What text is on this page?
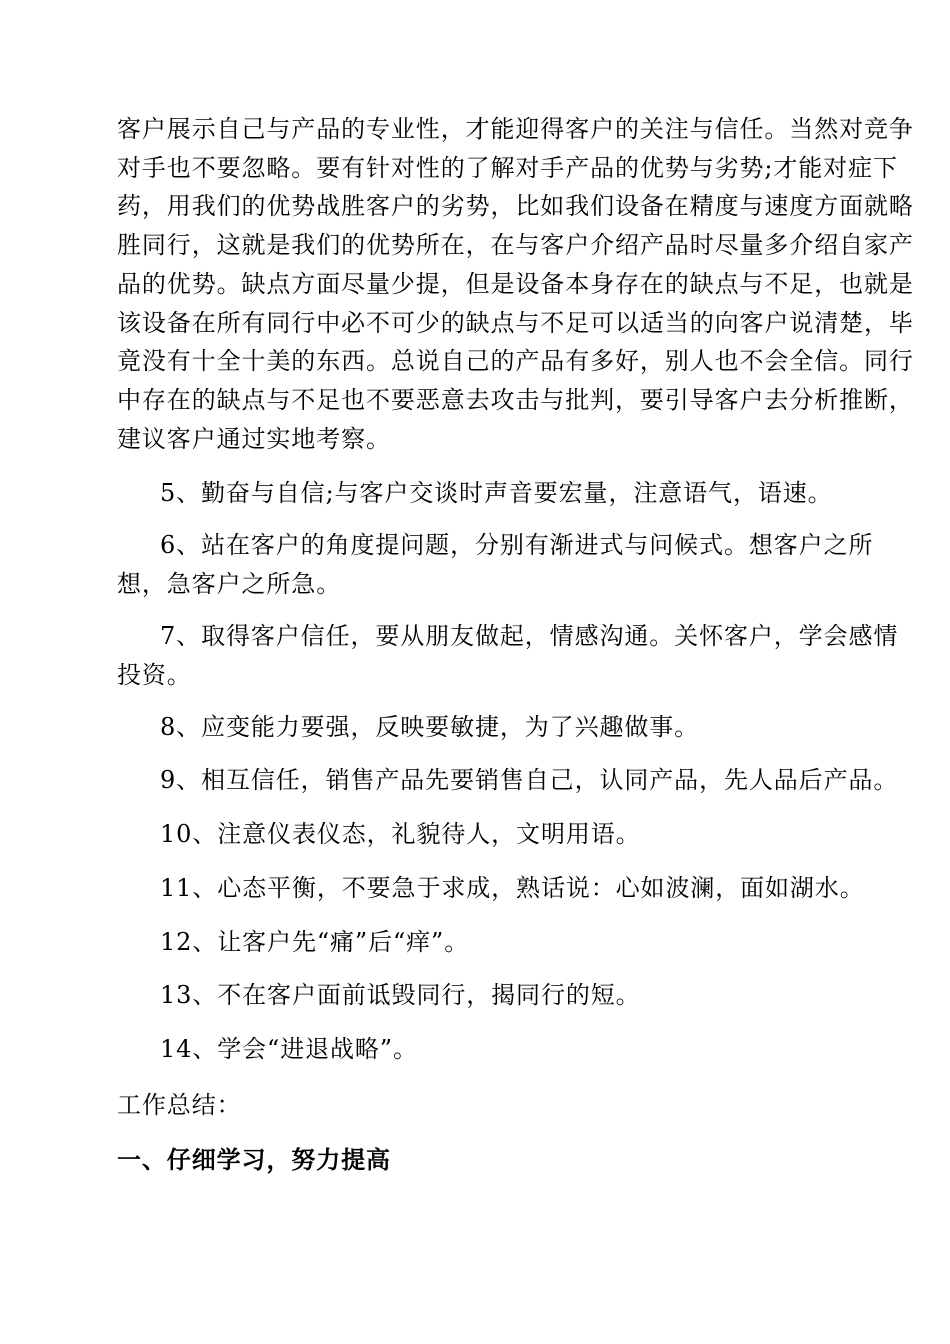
客户展示自己与产品的专业性，才能迎得客户的关注与信任。当然对竞争
对手也不要忽略。要有针对性的了解对手产品的优势与劣势;才能对症下
药，用我们的优势战胜客户的劣势，比如我们设备在精度与速度方面就略
胜同行，这就是我们的优势所在，在与客户介绍产品时尽量多介绍自家产
品的优势。缺点方面尽量少提，但是设备本身存在的缺点与不足，也就是
该设备在所有同行中必不可少的缺点与不足可以适当的向客户说清楚，毕
竟没有十全十美的东西。总说自己的产品有多好，别人也不会全信。同行
中存在的缺点与不足也不要恶意去攻击与批判，要引导客户去分析推断，
建议客户通过实地考察。

5、勤奋与自信;与客户交谈时声音要宏量，注意语气，语速。

6、站在客户的角度提问题，分别有渐进式与问候式。想客户之所
想，急客户之所急。

7、取得客户信任，要从朋友做起，情感沟通。关怀客户，学会感情
投资。

8、应变能力要强，反映要敏捷，为了兴趣做事。

9、相互信任，销售产品先要销售自己，认同产品，先人品后产品。

10、注意仪表仪态，礼貌待人，文明用语。

11、心态平衡，不要急于求成，熟话说：心如波澜，面如湖水。

12、让客户先“痛”后“痒”。

13、不在客户面前诋毁同行，揭同行的短。

14、学会“进退战略”。

工作总结：

一、仔细学习，努力提高
